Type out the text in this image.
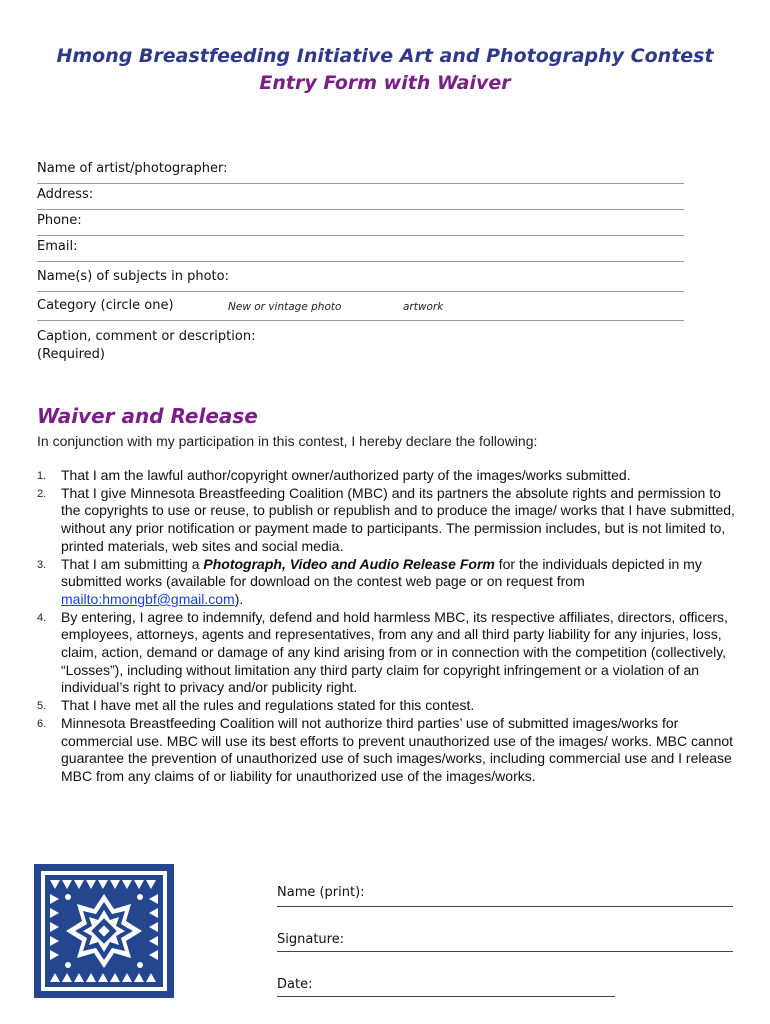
Hmong Breastfeeding Initiative Art and Photography Contest
Entry Form with Waiver
Name of artist/photographer:
Address:
Phone:
Email:
Name(s) of subjects in photo:
Category (circle one)	New or vintage photo	artwork
Caption, comment or description:
(Required)
Waiver and Release
In conjunction with my participation in this contest, I hereby declare the following:
1. That I am the lawful author/copyright owner/authorized party of the images/works submitted.
2. That I give Minnesota Breastfeeding Coalition (MBC) and its partners the absolute rights and permission to the copyrights to use or reuse, to publish or republish and to produce the image/ works that I have submitted, without any prior notification or payment made to participants. The permission includes, but is not limited to, printed materials, web sites and social media.
3. That I am submitting a Photograph, Video and Audio Release Form for the individuals depicted in my submitted works (available for download on the contest web page or on request from mailto:hmongbf@gmail.com).
4. By entering, I agree to indemnify, defend and hold harmless MBC, its respective affiliates, directors, officers, employees, attorneys, agents and representatives, from any and all third party liability for any injuries, loss, claim, action, demand or damage of any kind arising from or in connection with the competition (collectively, “Losses”), including without limitation any third party claim for copyright infringement or a violation of an individual’s right to privacy and/or publicity right.
5. That I have met all the rules and regulations stated for this contest.
6. Minnesota Breastfeeding Coalition will not authorize third parties’ use of submitted images/works for commercial use. MBC will use its best efforts to prevent unauthorized use of the images/ works. MBC cannot guarantee the prevention of unauthorized use of such images/works, including commercial use and I release MBC from any claims of or liability for unauthorized use of the images/works.
Name (print):
Signature:
Date:
